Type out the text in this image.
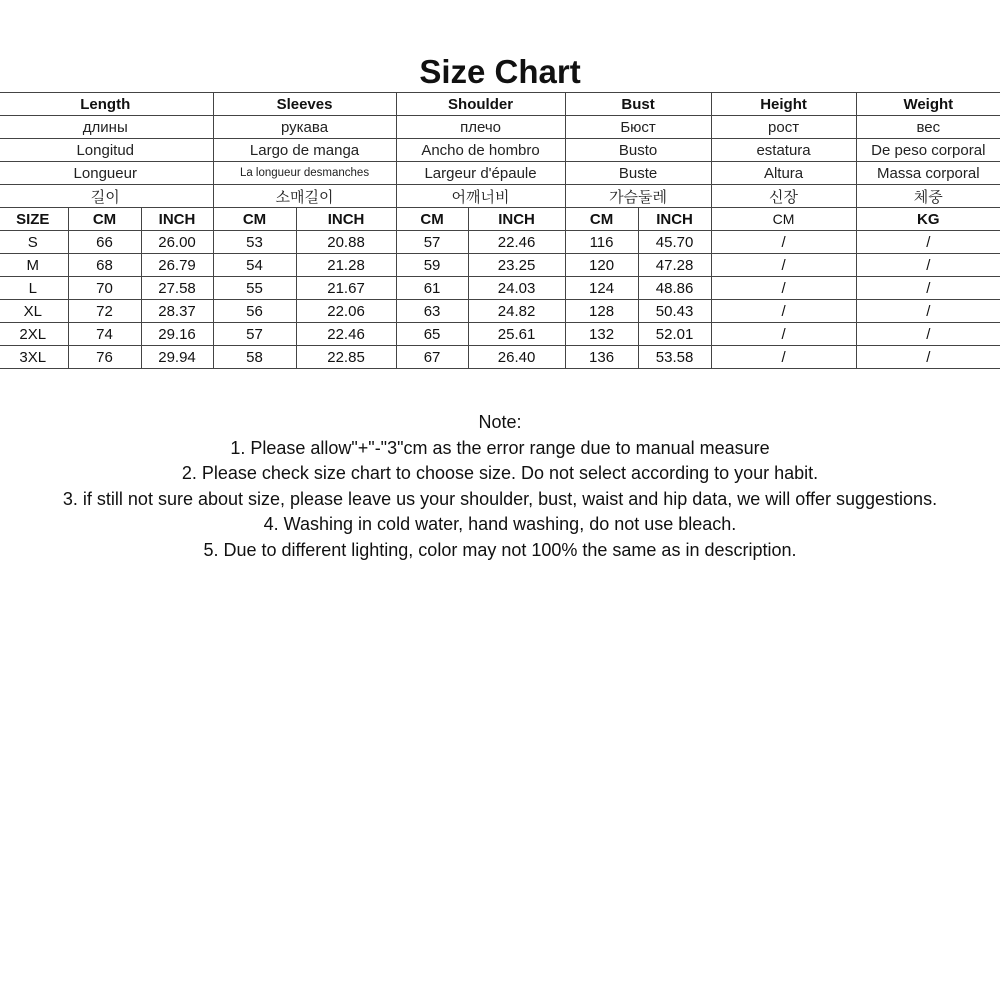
Size Chart
Length			Sleeves		Shoulder		Bust		Height	Weight
длины			рукава		плечо		Бюст		рост	вес
Longitud			Largo de manga		Ancho de hombro		Busto		estatura	De peso corporal
Longueur			La longueur desmanches		Largeur d'épaule		Buste		Altura	Massa corporal
길이			소매길이		어깨너비		가슴둘레		신장	체중
SIZE	CM	INCH	CM	INCH	CM	INCH	CM	INCH	CM	KG
S	66	26.00	53	20.88	57	22.46	116	45.70	/	/
M	68	26.79	54	21.28	59	23.25	120	47.28	/	/
L	70	27.58	55	21.67	61	24.03	124	48.86	/	/
XL	72	28.37	56	22.06	63	24.82	128	50.43	/	/
2XL	74	29.16	57	22.46	65	25.61	132	52.01	/	/
3XL	76	29.94	58	22.85	67	26.40	136	53.58	/	/
Note:
1. Please allow"+"-"3"cm as the error range due to manual measure
2. Please check size chart to choose size. Do not select according to your habit.
3. if still not sure about size, please leave us your shoulder, bust, waist and hip data, we will offer suggestions.
4. Washing in cold water, hand washing, do not use bleach.
5. Due to different lighting, color may not 100% the same as in description.
